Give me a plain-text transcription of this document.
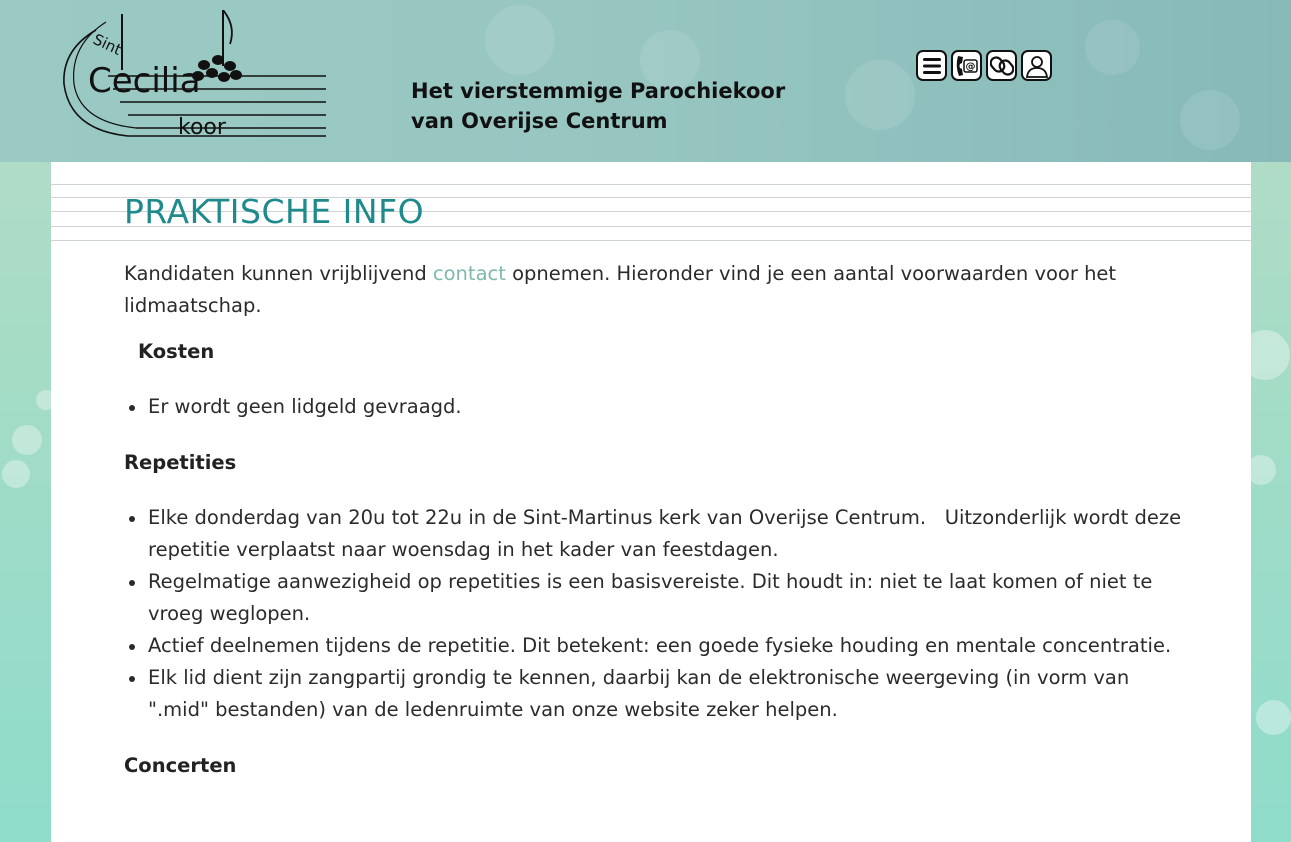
Sint
Cecilia
koor
Het vierstemmige Parochiekoor
van Overijse Centrum
@
PRAKTISCHE INFO

Kandidaten kunnen vrijblijvend contact opnemen. Hieronder vind je een aantal voorwaarden voor het lidmaatschap.

Kosten
Er wordt geen lidgeld gevraagd.
Repetities
Elke donderdag van 20u tot 22u in de Sint-Martinus kerk van Overijse Centrum.   Uitzonderlijk wordt deze repetitie verplaatst naar woensdag in het kader van feestdagen.
Regelmatige aanwezigheid op repetities is een basisvereiste. Dit houdt in: niet te laat komen of niet te vroeg weglopen.
Actief deelnemen tijdens de repetitie. Dit betekent: een goede fysieke houding en mentale concentratie.
Elk lid dient zijn zangpartij grondig te kennen, daarbij kan de elektronische weergeving (in vorm van ".mid" bestanden) van de ledenruimte van onze website zeker helpen.
Concerten
